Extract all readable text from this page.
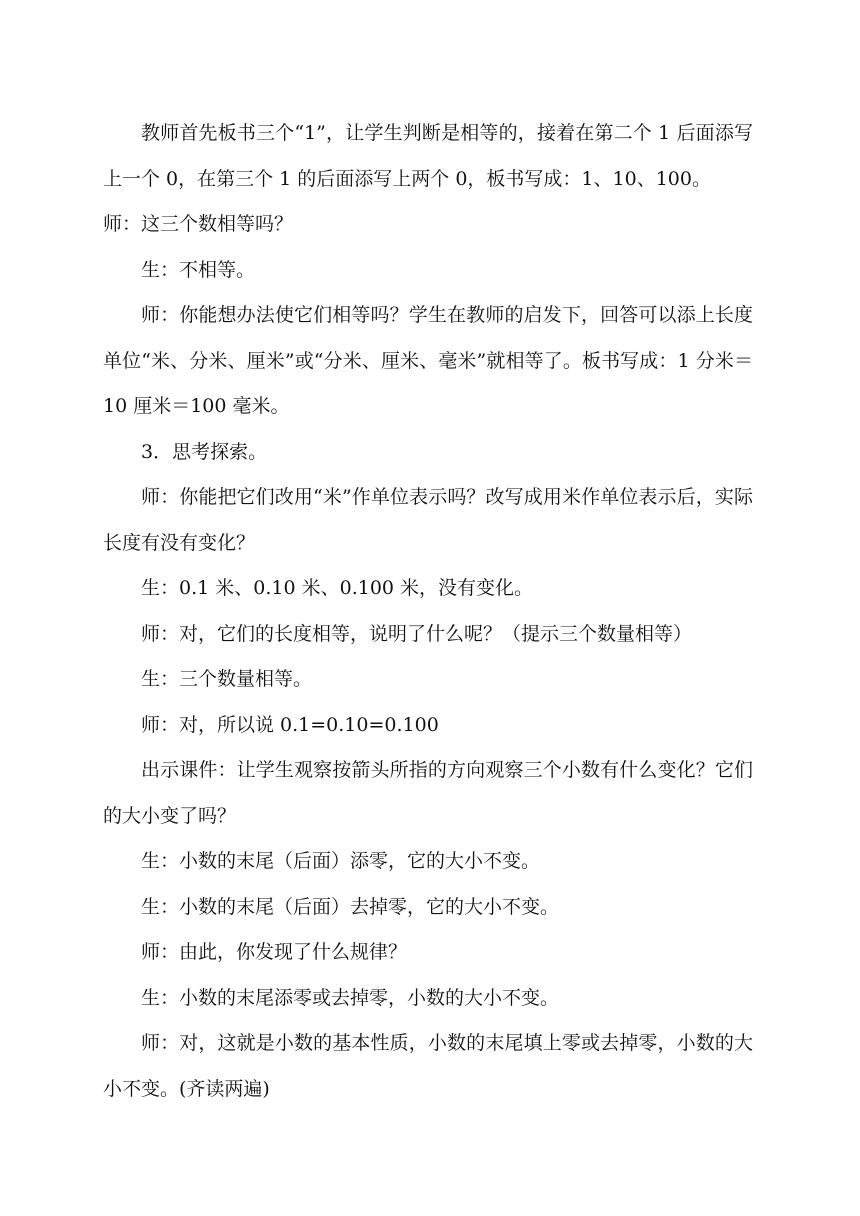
教师首先板书三个“1”，让学生判断是相等的，接着在第二个 1 后面添写上一个 0，在第三个 1 的后面添写上两个 0，板书写成：1、10、100。

师：这三个数相等吗？

生：不相等。

师：你能想办法使它们相等吗？学生在教师的启发下，回答可以添上长度单位“米、分米、厘米”或“分米、厘米、毫米”就相等了。板书写成：1 分米＝10 厘米＝100 毫米。

3．思考探索。

师：你能把它们改用“米”作单位表示吗？改写成用米作单位表示后，实际长度有没有变化？

生：0.1 米、0.10 米、0.100 米，没有变化。

师：对，它们的长度相等，说明了什么呢？（提示三个数量相等）

生：三个数量相等。

师：对，所以说 0.1=0.10=0.100

出示课件：让学生观察按箭头所指的方向观察三个小数有什么变化？它们的大小变了吗？

生：小数的末尾（后面）添零，它的大小不变。

生：小数的末尾（后面）去掉零，它的大小不变。

师：由此，你发现了什么规律？

生：小数的末尾添零或去掉零，小数的大小不变。

师：对，这就是小数的基本性质，小数的末尾填上零或去掉零，小数的大小不变。(齐读两遍)
